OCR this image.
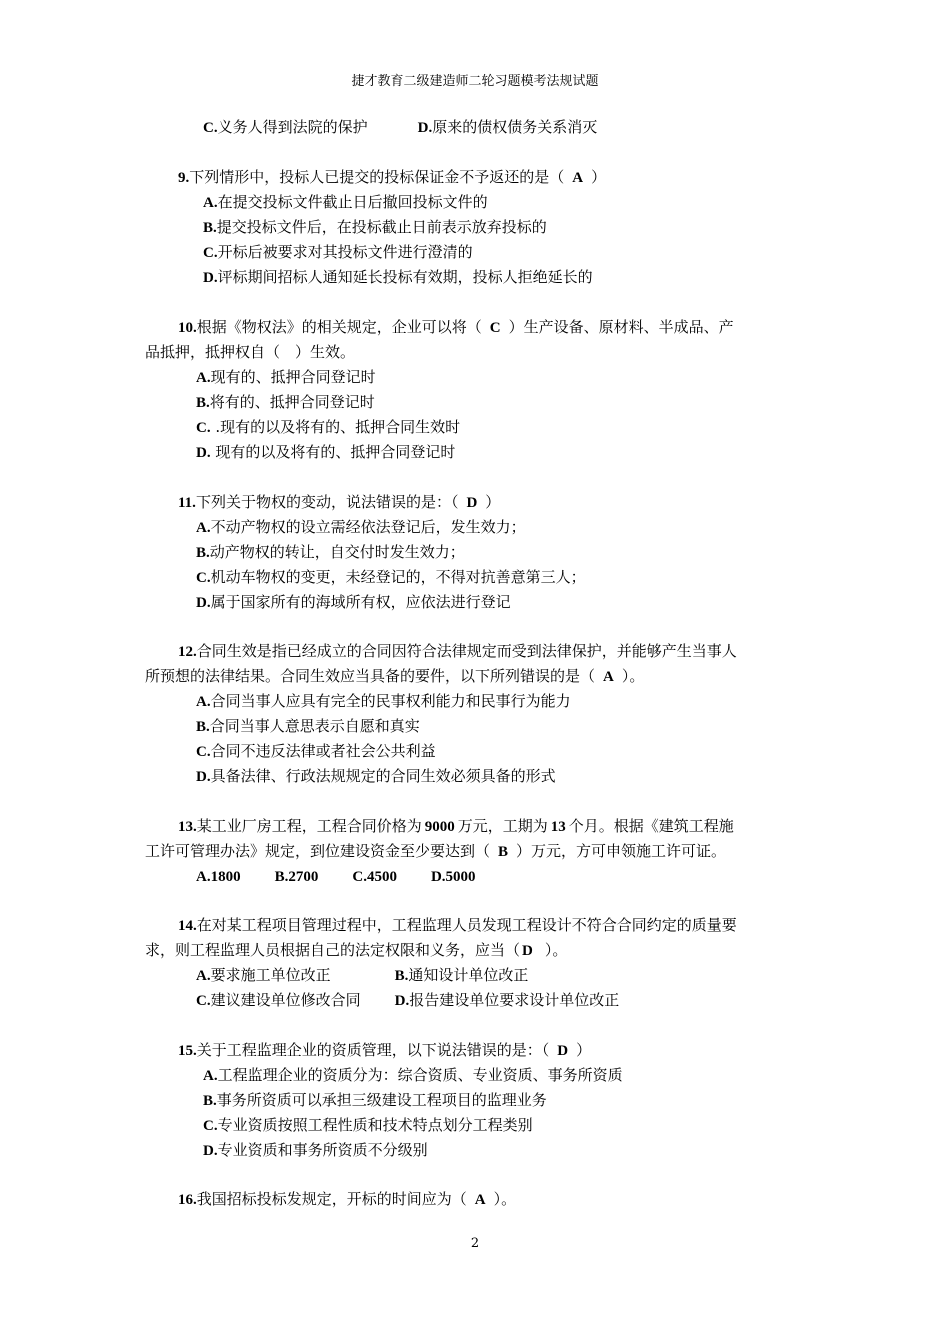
捷才教育二级建造师二轮习题模考法规试题
C.义务人得到法院的保护	D.原来的债权债务关系消灭
9.下列情形中，投标人已提交的投标保证金不予返还的是（ A ）
A.在提交投标文件截止日后撤回投标文件的
B.提交投标文件后，在投标截止日前表示放弃投标的
C.开标后被要求对其投标文件进行澄清的
D.评标期间招标人通知延长投标有效期，投标人拒绝延长的
10.根据《物权法》的相关规定，企业可以将（ C ）生产设备、原材料、半成品、产
品抵押，抵押权自（　）生效。
A.现有的、抵押合同登记时
B.将有的、抵押合同登记时
C. .现有的以及将有的、抵押合同生效时
D. 现有的以及将有的、抵押合同登记时
11.下列关于物权的变动，说法错误的是：（ D ）
A.不动产物权的设立需经依法登记后，发生效力；
B.动产物权的转让，自交付时发生效力；
C.机动车物权的变更，未经登记的，不得对抗善意第三人；
D.属于国家所有的海域所有权，应依法进行登记
12.合同生效是指已经成立的合同因符合法律规定而受到法律保护，并能够产生当事人
所预想的法律结果。合同生效应当具备的要件，以下所列错误的是（ A ）。
A.合同当事人应具有完全的民事权利能力和民事行为能力
B.合同当事人意思表示自愿和真实
C.合同不违反法律或者社会公共利益
D.具备法律、行政法规规定的合同生效必须具备的形式
13.某工业厂房工程，工程合同价格为 9000 万元，工期为 13 个月。根据《建筑工程施
工许可管理办法》规定，到位建设资金至少要达到（ B ）万元，方可申领施工许可证。
A.1800 B.2700 C.4500 D.5000
14.在对某工程项目管理过程中，工程监理人员发现工程设计不符合合同约定的质量要
求，则工程监理人员根据自己的法定权限和义务，应当（ D ）。
A.要求施工单位改正	B.通知设计单位改正
C.建议建设单位修改合同 D.报告建设单位要求设计单位改正
15.关于工程监理企业的资质管理，以下说法错误的是：（ D ）
A.工程监理企业的资质分为：综合资质、专业资质、事务所资质
B.事务所资质可以承担三级建设工程项目的监理业务
C.专业资质按照工程性质和技术特点划分工程类别
D.专业资质和事务所资质不分级别
16.我国招标投标发规定，开标的时间应为（ A ）。
2
